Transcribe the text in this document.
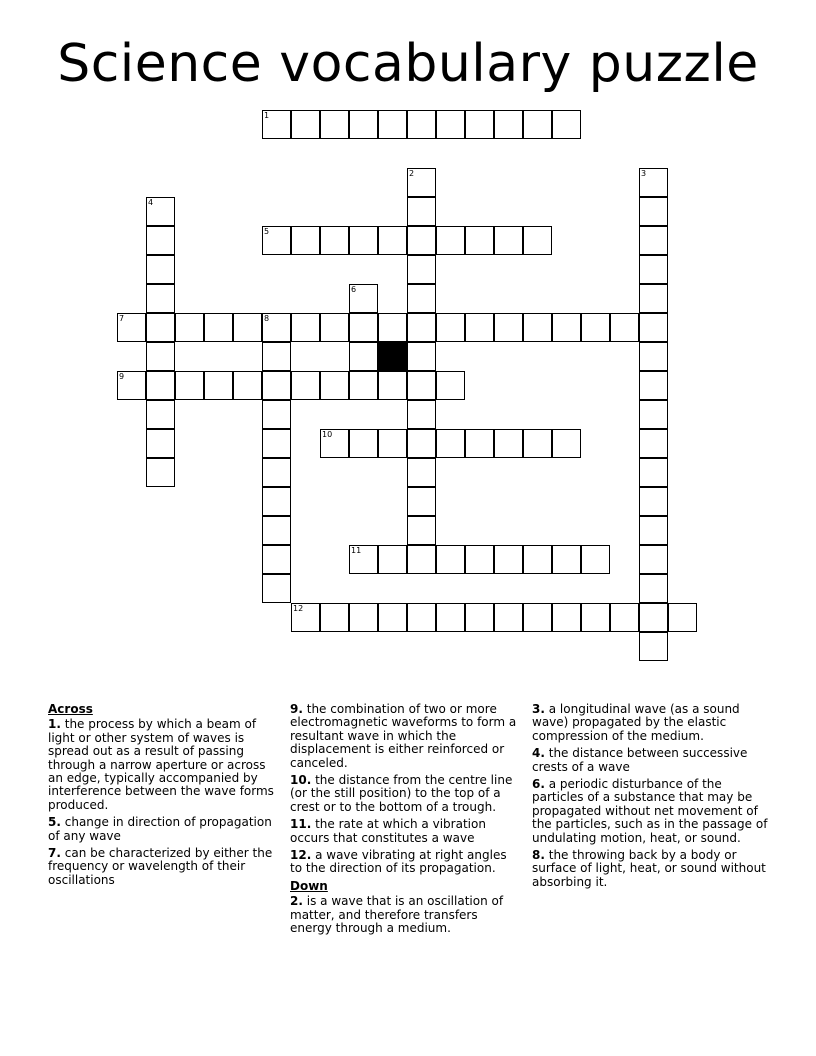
Science vocabulary puzzle
1
2	3
4
5
6
7	8
9
10
11
12
Across
1. the process by which a beam of light or other system of waves is spread out as a result of passing through a narrow aperture or across an edge, typically accompanied by interference between the wave forms produced.
5. change in direction of propagation of any wave
7. can be characterized by either the frequency or wavelength of their oscillations
9. the combination of two or more electromagnetic waveforms to form a resultant wave in which the displacement is either reinforced or canceled.
10. the distance from the centre line (or the still position) to the top of a crest or to the bottom of a trough.
11. the rate at which a vibration occurs that constitutes a wave
12. a wave vibrating at right angles to the direction of its propagation.
Down
2. is a wave that is an oscillation of matter, and therefore transfers energy through a medium.
3. a longitudinal wave (as a sound wave) propagated by the elastic compression of the medium.
4. the distance between successive crests of a wave
6. a periodic disturbance of the particles of a substance that may be propagated without net movement of the particles, such as in the passage of undulating motion, heat, or sound.
8. the throwing back by a body or surface of light, heat, or sound without absorbing it.
